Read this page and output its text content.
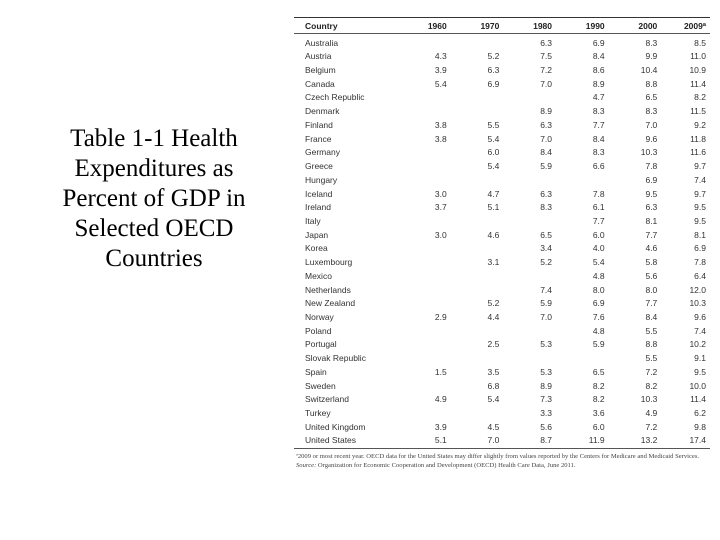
Table 1-1 Health Expenditures as Percent of GDP in Selected OECD Countries
Country	1960	1970	1980	1990	2000	2009ª
Australia			6.3	6.9	8.3	8.5
Austria	4.3	5.2	7.5	8.4	9.9	11.0
Belgium	3.9	6.3	7.2	8.6	10.4	10.9
Canada	5.4	6.9	7.0	8.9	8.8	11.4
Czech Republic				4.7	6.5	8.2
Denmark			8.9	8.3	8.3	11.5
Finland	3.8	5.5	6.3	7.7	7.0	9.2
France	3.8	5.4	7.0	8.4	9.6	11.8
Germany		6.0	8.4	8.3	10.3	11.6
Greece		5.4	5.9	6.6	7.8	9.7
Hungary					6.9	7.4
Iceland	3.0	4.7	6.3	7.8	9.5	9.7
Ireland	3.7	5.1	8.3	6.1	6.3	9.5
Italy				7.7	8.1	9.5
Japan	3.0	4.6	6.5	6.0	7.7	8.1
Korea			3.4	4.0	4.6	6.9
Luxembourg		3.1	5.2	5.4	5.8	7.8
Mexico				4.8	5.6	6.4
Netherlands			7.4	8.0	8.0	12.0
New Zealand		5.2	5.9	6.9	7.7	10.3
Norway	2.9	4.4	7.0	7.6	8.4	9.6
Poland				4.8	5.5	7.4
Portugal		2.5	5.3	5.9	8.8	10.2
Slovak Republic					5.5	9.1
Spain	1.5	3.5	5.3	6.5	7.2	9.5
Sweden		6.8	8.9	8.2	8.2	10.0
Switzerland	4.9	5.4	7.3	8.2	10.3	11.4
Turkey			3.3	3.6	4.9	6.2
United Kingdom	3.9	4.5	5.6	6.0	7.2	9.8
United States	5.1	7.0	8.7	11.9	13.2	17.4
ª2009 or most recent year. OECD data for the United States may differ slightly from values reported by the Centers for Medicare and Medicaid Services.
Source: Organization for Economic Cooperation and Development (OECD) Health Care Data, June 2011.
